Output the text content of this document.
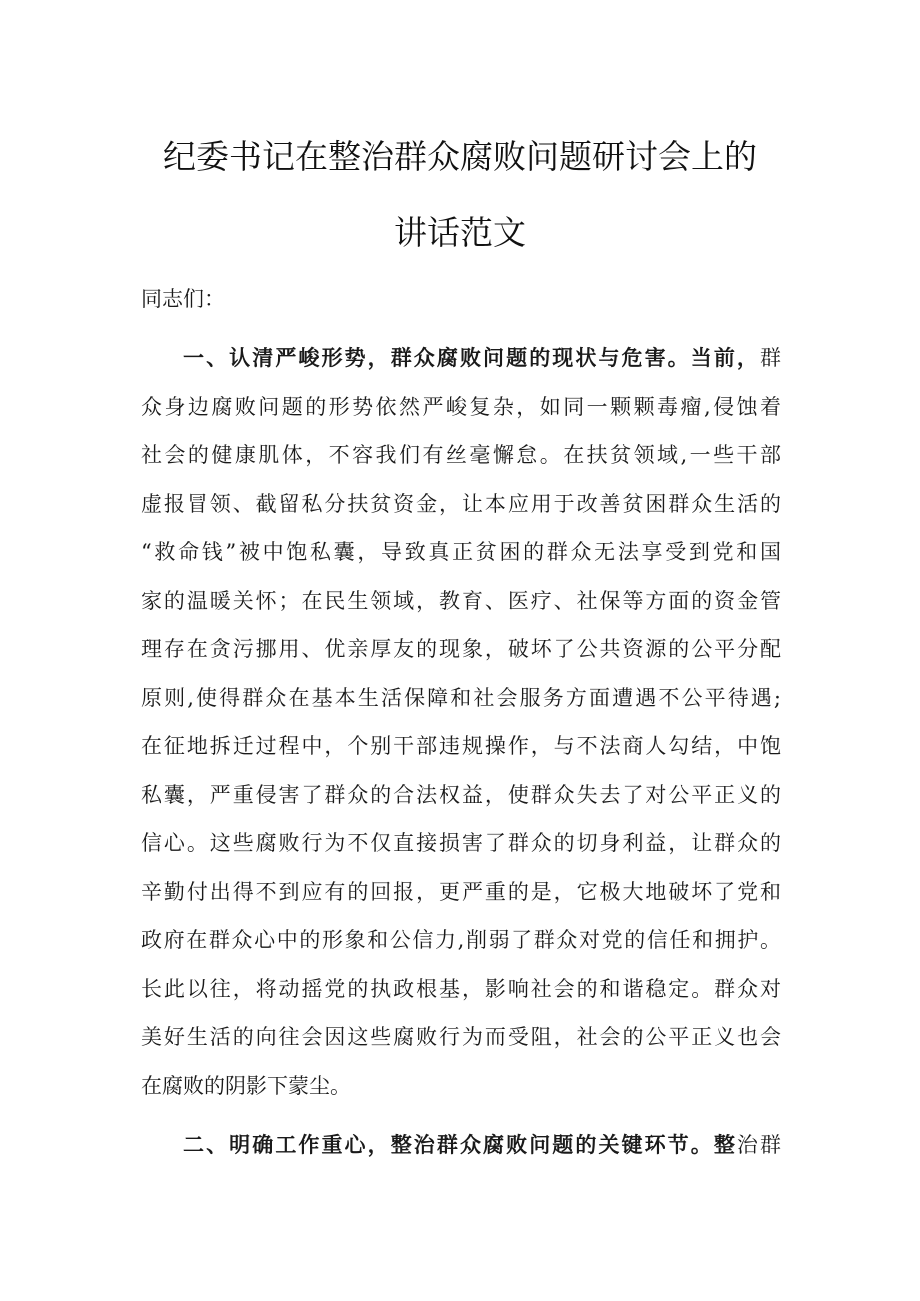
纪委书记在整治群众腐败问题研讨会上的
讲话范文
同志们：
一、认清严峻形势，群众腐败问题的现状与危害。当前，群
众身边腐败问题的形势依然严峻复杂，如同一颗颗毒瘤,侵蚀着
社会的健康肌体，不容我们有丝毫懈怠。在扶贫领域,一些干部
虚报冒领、截留私分扶贫资金，让本应用于改善贫困群众生活的
“救命钱”被中饱私囊，导致真正贫困的群众无法享受到党和国
家的温暖关怀；在民生领域，教育、医疗、社保等方面的资金管
理存在贪污挪用、优亲厚友的现象，破坏了公共资源的公平分配
原则,使得群众在基本生活保障和社会服务方面遭遇不公平待遇;
在征地拆迁过程中，个别干部违规操作，与不法商人勾结，中饱
私囊，严重侵害了群众的合法权益，使群众失去了对公平正义的
信心。这些腐败行为不仅直接损害了群众的切身利益，让群众的
辛勤付出得不到应有的回报，更严重的是，它极大地破坏了党和
政府在群众心中的形象和公信力,削弱了群众对党的信任和拥护。
长此以往，将动摇党的执政根基，影响社会的和谐稳定。群众对
美好生活的向往会因这些腐败行为而受阻，社会的公平正义也会
在腐败的阴影下蒙尘。
二、明确工作重心，整治群众腐败问题的关键环节。整治群
